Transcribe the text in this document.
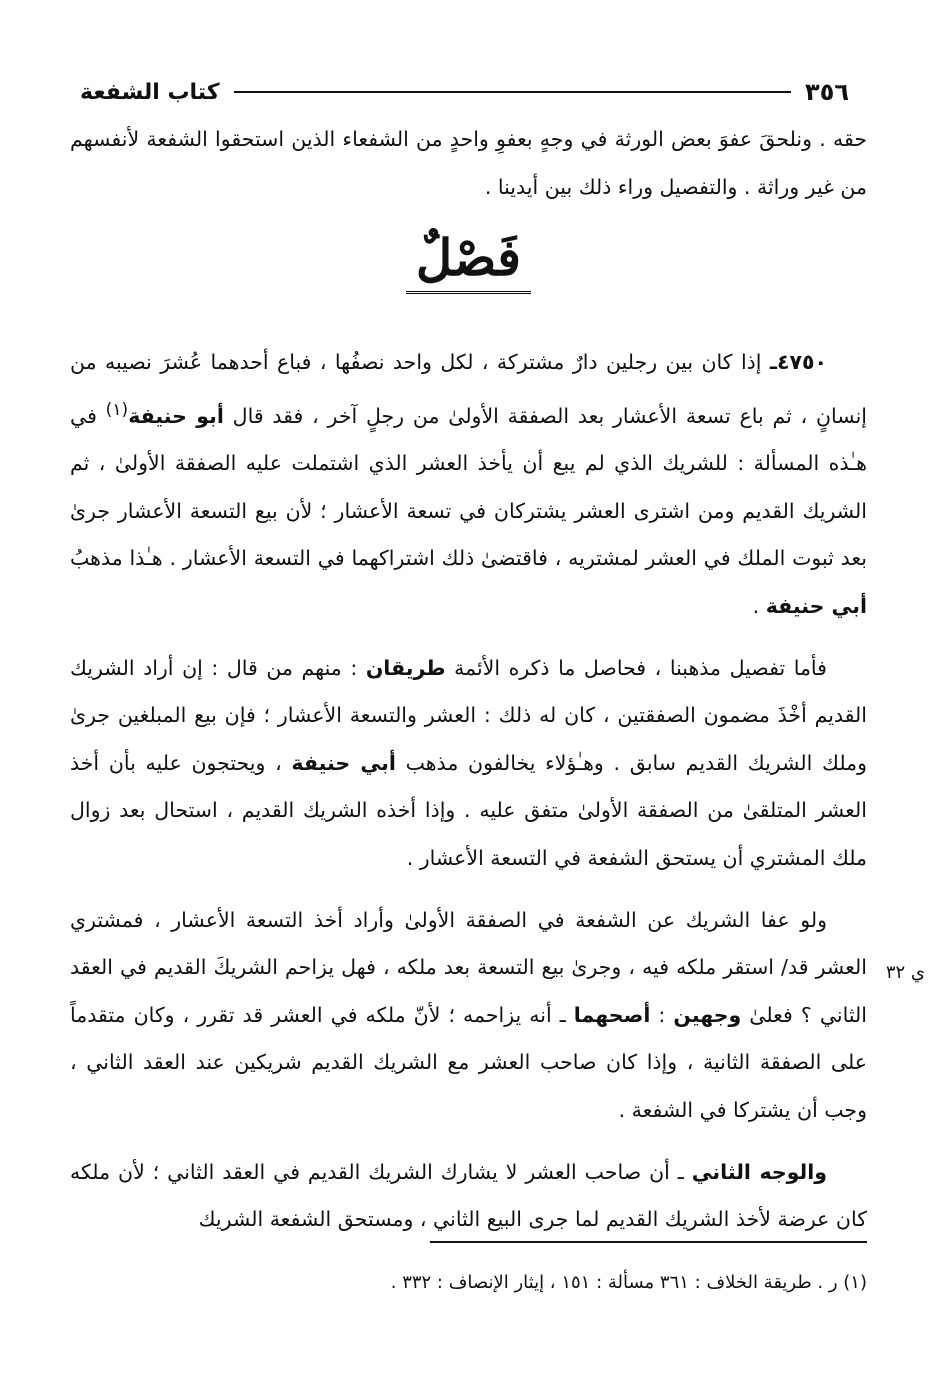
٣٥٦
كتاب الشفعة

حقه . ونلحقَ عفوَ بعض الورثة في وجهٍ بعفوِ واحدٍ من الشفعاء الذين استحقوا الشفعة لأنفسهم من غير وراثة . والتفصيل وراء ذلك بين أيدينا .

فَصْلٌ

٤٧٥٠ـ إذا كان بين رجلين دارٌ مشتركة ، لكل واحد نصفُها ، فباع أحدهما عُشرَ نصيبه من إنسانٍ ، ثم باع تسعة الأعشار بعد الصفقة الأولىٰ من رجلٍ آخر ، فقد قال أبو حنيفة$^{(١)}$ في هـٰذه المسألة : للشريك الذي لم يبع أن يأخذ العشر الذي اشتملت عليه الصفقة الأولىٰ ، ثم الشريك القديم ومن اشترى العشر يشتركان في تسعة الأعشار ؛ لأن بيع التسعة الأعشار جرىٰ بعد ثبوت الملك في العشر لمشتريه ، فاقتضىٰ ذلك اشتراكهما في التسعة الأعشار . هـٰذا مذهبُ أبي حنيفة .

فأما تفصيل مذهبنا ، فحاصل ما ذكره الأئمة طريقان : منهم من قال : إن أراد الشريك القديم أخْذَ مضمون الصفقتين ، كان له ذلك : العشر والتسعة الأعشار ؛ فإن بيع المبلغين جرىٰ وملك الشريك القديم سابق . وهـٰؤلاء يخالفون مذهب أبي حنيفة ، ويحتجون عليه بأن أخذ العشر المتلقىٰ من الصفقة الأولىٰ متفق عليه . وإذا أخذه الشريك القديم ، استحال بعد زوال ملك المشتري أن يستحق الشفعة في التسعة الأعشار .

ولو عفا الشريك عن الشفعة في الصفقة الأولىٰ وأراد أخذ التسعة الأعشار ، فمشتري العشر قد/ استقر ملكه فيه ، وجرىٰ بيع التسعة بعد ملكه ، فهل يزاحم الشريكَ القديم في العقد الثاني ؟ فعلىٰ وجهين : أصحهما ـ أنه يزاحمه ؛ لأنّ ملكه في العشر قد تقرر ، وكان متقدماً على الصفقة الثانية ، وإذا كان صاحب العشر مع الشريك القديم شريكين عند العقد الثاني ، وجب أن يشتركا في الشفعة .

والوجه الثاني ـ أن صاحب العشر لا يشارك الشريك القديم في العقد الثاني ؛ لأن ملكه كان عرضة لأخذ الشريك القديم لما جرى البيع الثاني ، ومستحق الشفعة الشريك

ي ٣٢
(١) ر . طريقة الخلاف : ٣٦١ مسألة : ١٥١ ، إيثار الإنصاف : ٣٣٢ .
